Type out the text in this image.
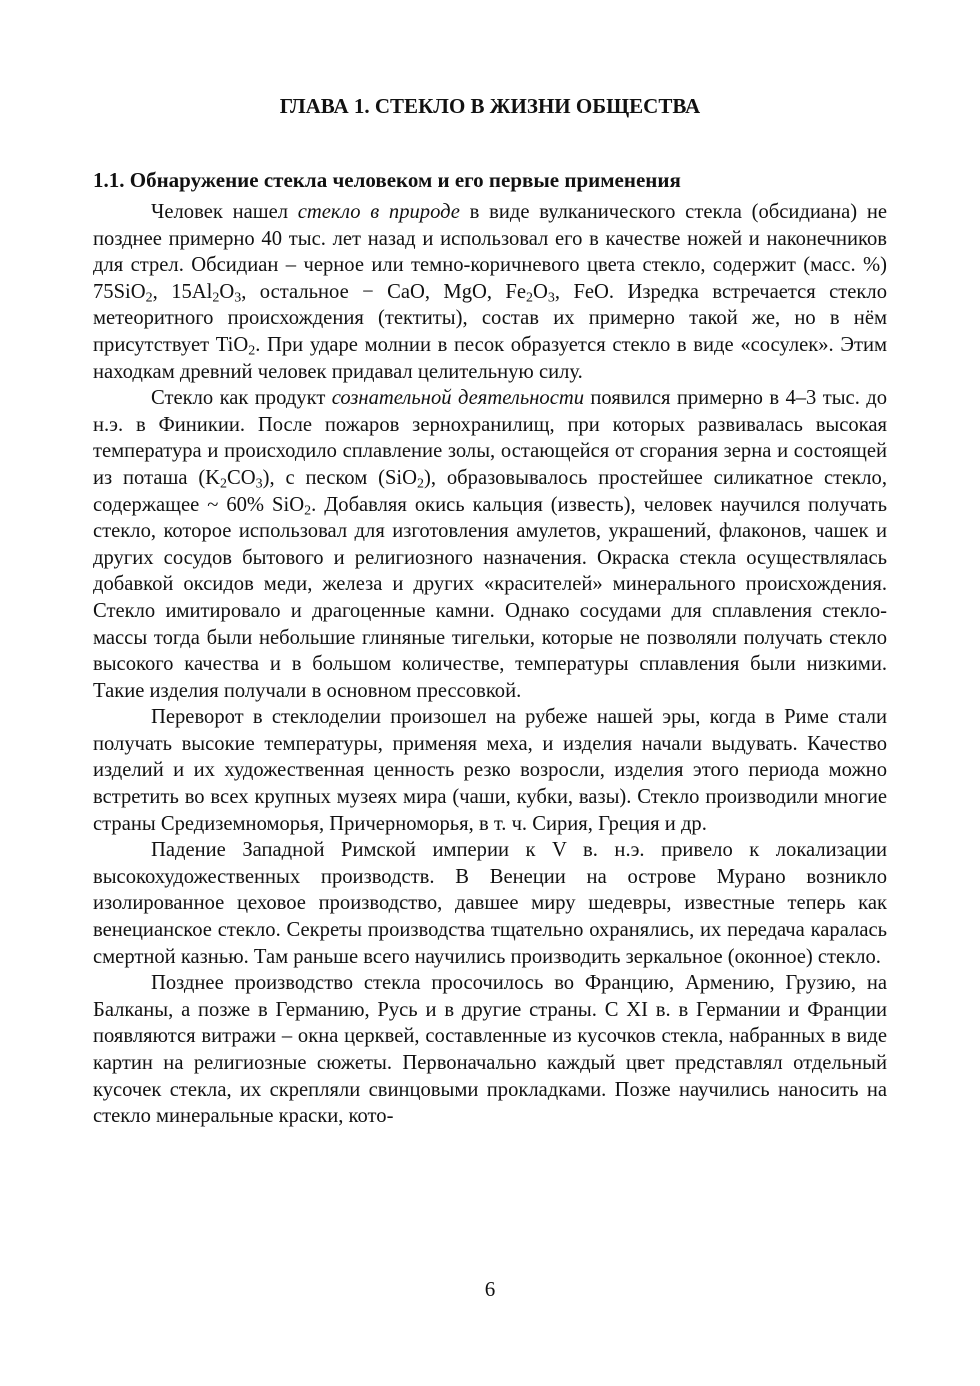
ГЛАВА 1. СТЕКЛО В ЖИЗНИ ОБЩЕСТВА
1.1. Обнаружение стекла человеком и его первые применения

Человек нашел стекло в природе в виде вулканического стекла (обсидиана) не позднее примерно 40 тыс. лет назад и использовал его в качестве ножей и наконечников для стрел. Обсидиан – черное или темно-коричневого цвета стекло, содержит (масс. %) 75SiO$_2$, $15Al_2O_3$, остальное − CaO, MgO, $Fe_2O_3$, FeO. Изредка встречается стекло метеоритного происхождения (тектиты), состав их примерно такой же, но в нём присутствует TiO$_2$. При ударе молнии в песок образуется стекло в виде «сосулек». Этим находкам древний человек придавал целительную силу.

Стекло как продукт сознательной деятельности появился примерно в 4–3 тыс. до н.э. в Финикии. После пожаров зернохранилищ, при которых развивалась высокая температура и происходило сплавление золы, остающейся от сгорания зерна и состоящей из поташа $(K_2CO_3)$, с песком (SiO$_2$), образовывалось простейшее силикатное стекло, содержащее ~ 60% SiO$_2$. Добавляя окись кальция (известь), человек научился получать стекло, которое использовал для изготовления амулетов, украшений, флаконов, чашек и других сосудов бытового и религиозного назначения. Окраска стекла осуществлялась добавкой оксидов меди, железа и других «красителей» минерального происхождения. Стекло имитировало и драгоценные камни. Однако сосудами для сплавления стекломассы тогда были небольшие глиняные тигельки, которые не позволяли получать стекло высокого качества и в большом количестве, температуры сплавления были низкими. Такие изделия получали в основном прессовкой.

Переворот в стеклоделии произошел на рубеже нашей эры, когда в Риме стали получать высокие температуры, применяя меха, и изделия начали выдувать. Качество изделий и их художественная ценность резко возросли, изделия этого периода можно встретить во всех крупных музеях мира (чаши, кубки, вазы). Стекло производили многие страны Средиземноморья, Причерноморья, в т. ч. Сирия, Греция и др.

Падение Западной Римской империи к V в. н.э. привело к локализации высокохудожественных производств. В Венеции на острове Мурано возникло изолированное цеховое производство, давшее миру шедевры, известные теперь как венецианское стекло. Секреты производства тщательно охранялись, их передача каралась смертной казнью. Там раньше всего научились производить зеркальное (оконное) стекло.

Позднее производство стекла просочилось во Францию, Армению, Грузию, на Балканы, а позже в Германию, Русь и в другие страны. С XI в. в Германии и Франции появляются витражи – окна церквей, составленные из кусочков стекла, набранных в виде картин на религиозные сюжеты. Первоначально каждый цвет представлял отдельный кусочек стекла, их скрепляли свинцовыми прокладками. Позже научились наносить на стекло минеральные краски, кото-

6
